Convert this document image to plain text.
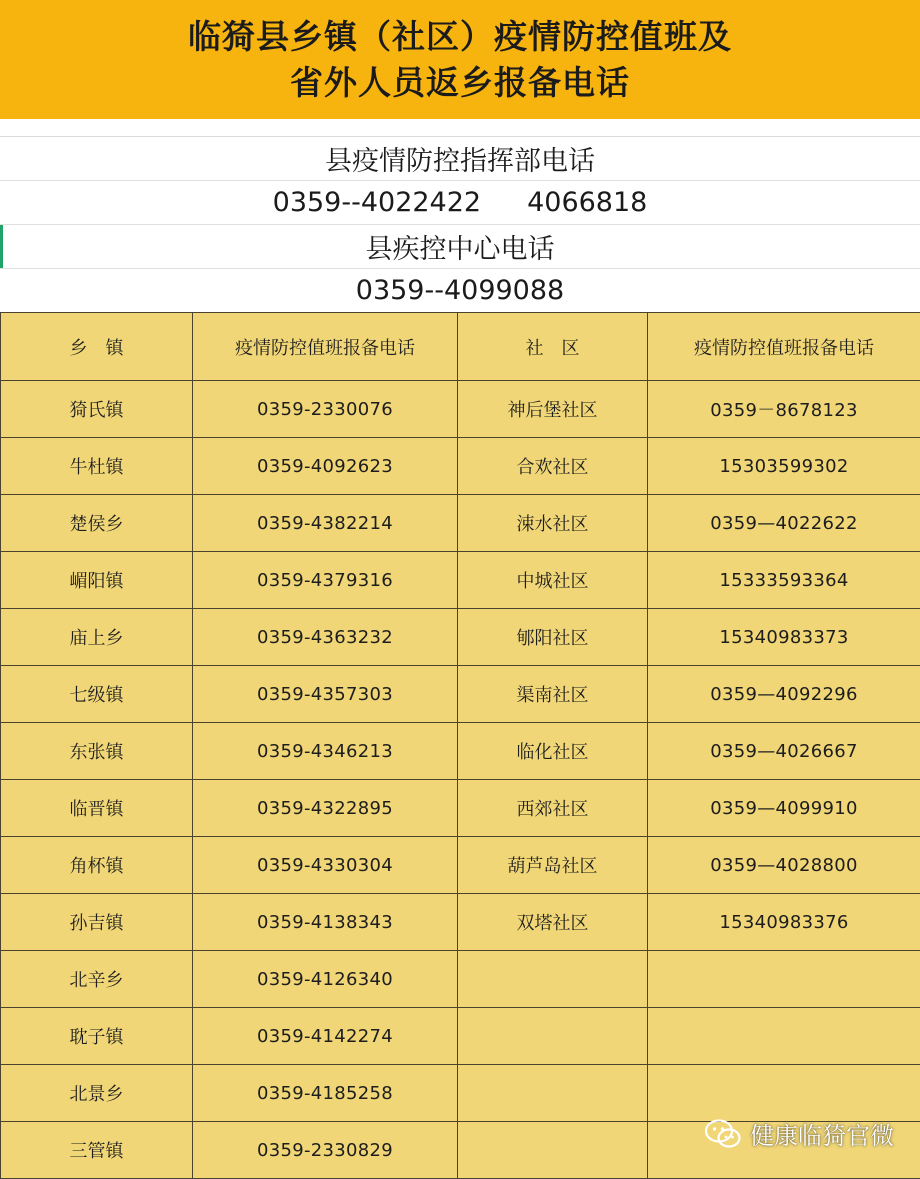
临猗县乡镇（社区）疫情防控值班及
省外人员返乡报备电话
县疫情防控指挥部电话
0359--4022422 4066818
县疾控中心电话
0359--4099088
乡　镇	疫情防控值班报备电话	社　区	疫情防控值班报备电话
猗氏镇	0359-2330076	神后堡社区	0359－8678123
牛杜镇	0359-4092623	合欢社区	15303599302
楚侯乡	0359-4382214	涑水社区	0359—4022622
嵋阳镇	0359-4379316	中城社区	15333593364
庙上乡	0359-4363232	郇阳社区	15340983373
七级镇	0359-4357303	渠南社区	0359—4092296
东张镇	0359-4346213	临化社区	0359—4026667
临晋镇	0359-4322895	西郊社区	0359—4099910
角杯镇	0359-4330304	葫芦岛社区	0359—4028800
孙吉镇	0359-4138343	双塔社区	15340983376
北辛乡	0359-4126340		
耽子镇	0359-4142274		
北景乡	0359-4185258		
三管镇	0359-2330829			健康临猗官微
